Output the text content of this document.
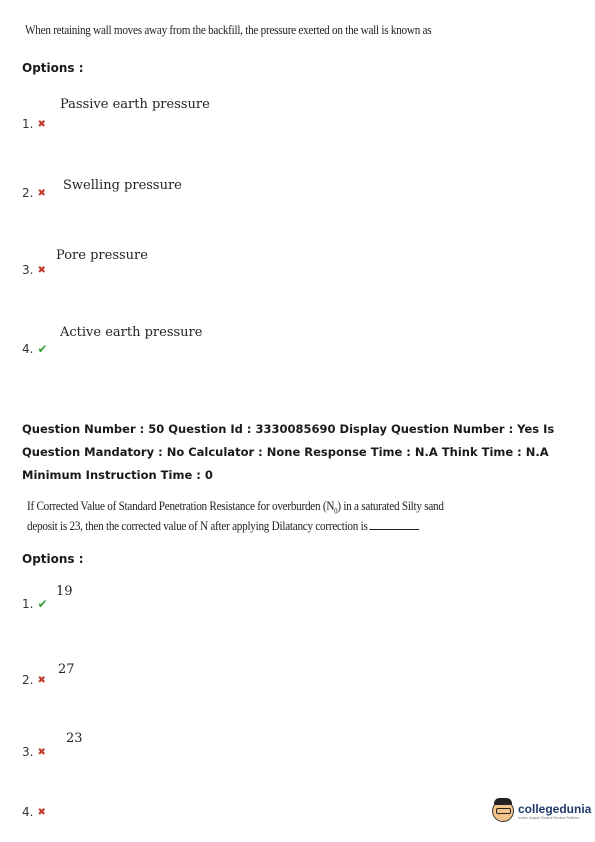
When retaining wall moves away from the backfill, the pressure exerted on the wall is known as
Options :
Passive earth pressure
1. ✖
Swelling pressure
2. ✖
Pore pressure
3. ✖
Active earth pressure
4. ✔
Question Number : 50 Question Id : 3330085690 Display Question Number : Yes Is Question Mandatory : No Calculator : None Response Time : N.A Think Time : N.A Minimum Instruction Time : 0
If Corrected Value of Standard Penetration Resistance for overburden $(N_0)$ in a saturated Silty sand
deposit is 23, then the corrected value of N after applying Dilatancy correction is
Options :
19
1. ✔
27
2. ✖
23
3. ✖
4. ✖	collegedunia
India's largest Student Review Platform
